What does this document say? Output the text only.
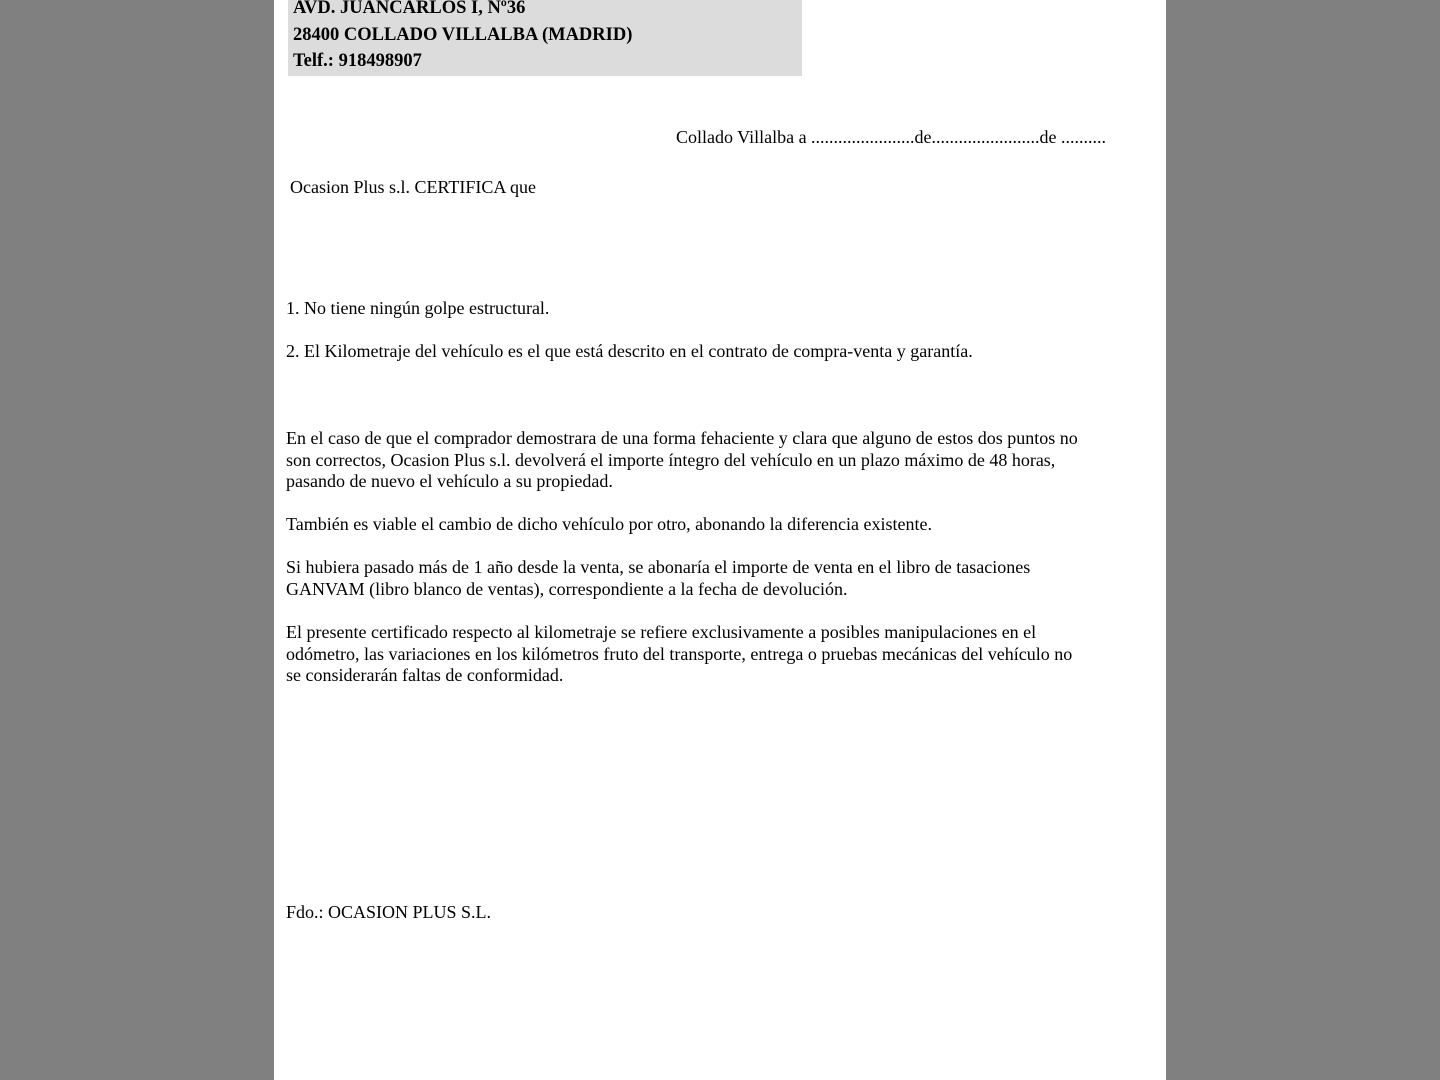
AVD. JUANCARLOS I, Nº36
28400 COLLADO VILLALBA (MADRID)
Telf.: 918498907
Collado Villalba a .......................de........................de ..........
Ocasion Plus s.l. CERTIFICA que
1. No tiene ningún golpe estructural.
2. El Kilometraje del vehículo es el que está descrito en el contrato de compra-venta y garantía.
En el caso de que el comprador demostrara de una forma fehaciente y clara que alguno de estos dos puntos no
son correctos, Ocasion Plus s.l. devolverá el importe íntegro del vehículo en un plazo máximo de 48 horas,
pasando de nuevo el vehículo a su propiedad.
También es viable el cambio de dicho vehículo por otro, abonando la diferencia existente.
Si hubiera pasado más de 1 año desde la venta, se abonaría el importe de venta en el libro de tasaciones
GANVAM (libro blanco de ventas), correspondiente a la fecha de devolución.
El presente certificado respecto al kilometraje se refiere exclusivamente a posibles manipulaciones en el
odómetro, las variaciones en los kilómetros fruto del transporte, entrega o pruebas mecánicas del vehículo no
se considerarán faltas de conformidad.
Fdo.: OCASION PLUS S.L.
